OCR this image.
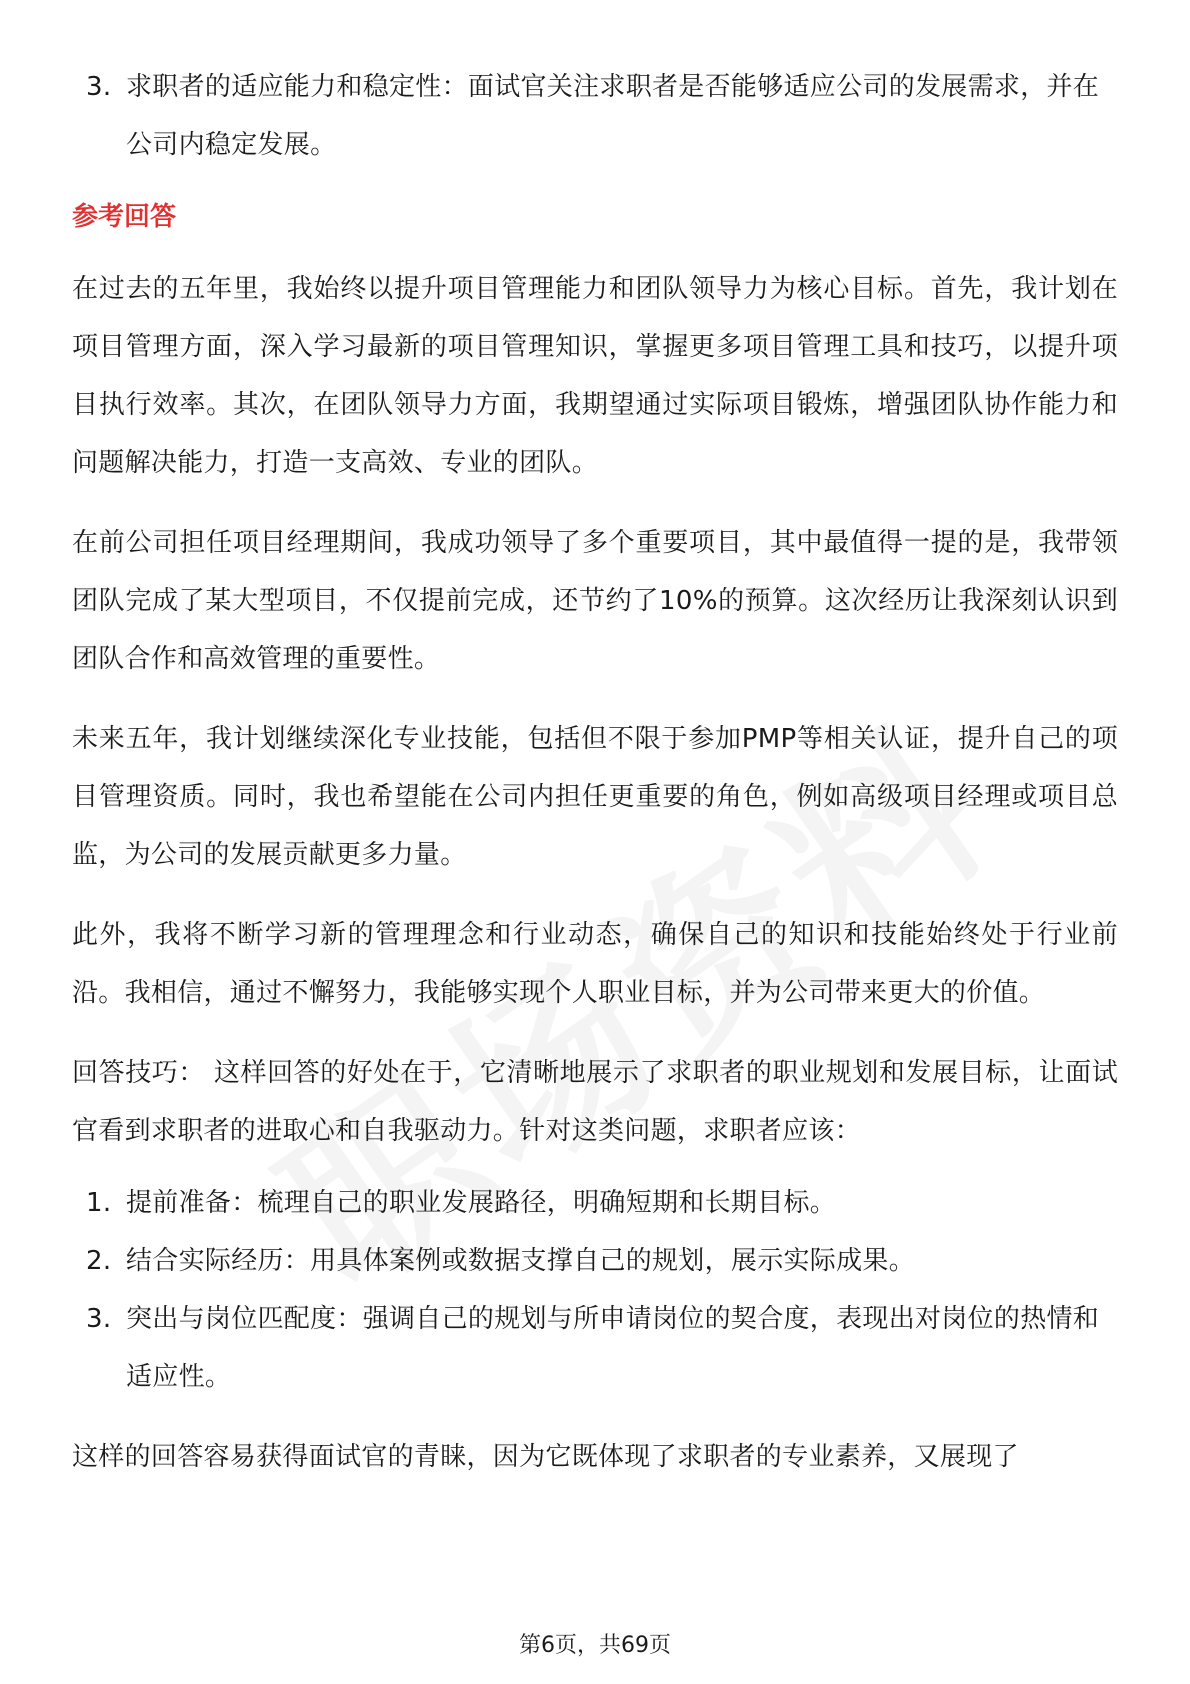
3. 求职者的适应能力和稳定性：面试官关注求职者是否能够适应公司的发展需求，并在公司内稳定发展。

参考回答

在过去的五年里，我始终以提升项目管理能力和团队领导力为核心目标。首先，我计划在项目管理方面，深入学习最新的项目管理知识，掌握更多项目管理工具和技巧，以提升项目执行效率。其次，在团队领导力方面，我期望通过实际项目锻炼，增强团队协作能力和问题解决能力，打造一支高效、专业的团队。

在前公司担任项目经理期间，我成功领导了多个重要项目，其中最值得一提的是，我带领团队完成了某大型项目，不仅提前完成，还节约了10%的预算。这次经历让我深刻认识到团队合作和高效管理的重要性。

未来五年，我计划继续深化专业技能，包括但不限于参加PMP等相关认证，提升自己的项目管理资质。同时，我也希望能在公司内担任更重要的角色，例如高级项目经理或项目总监，为公司的发展贡献更多力量。

此外，我将不断学习新的管理理念和行业动态，确保自己的知识和技能始终处于行业前沿。我相信，通过不懈努力，我能够实现个人职业目标，并为公司带来更大的价值。

回答技巧： 这样回答的好处在于，它清晰地展示了求职者的职业规划和发展目标，让面试官看到求职者的进取心和自我驱动力。针对这类问题，求职者应该：

1. 提前准备：梳理自己的职业发展路径，明确短期和长期目标。
2. 结合实际经历：用具体案例或数据支撑自己的规划，展示实际成果。
3. 突出与岗位匹配度：强调自己的规划与所申请岗位的契合度，表现出对岗位的热情和适应性。

这样的回答容易获得面试官的青睐，因为它既体现了求职者的专业素养，又展现了

第6页，共69页
